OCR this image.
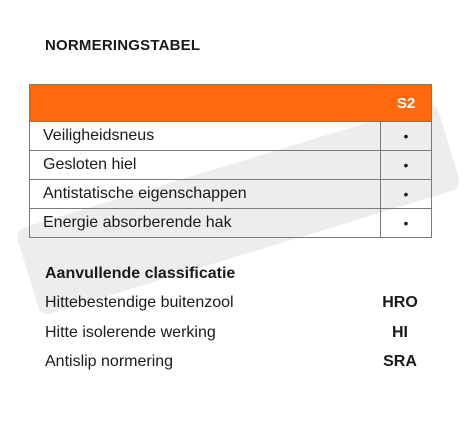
NORMERINGSTABEL
	S2
Veiligheidsneus	•
Gesloten hiel	•
Antistatische eigenschappen	•
Energie absorberende hak	•
Aanvullende classificatie
Hittebestendige buitenzool	HRO
Hitte isolerende werking	HI
Antislip normering	SRA
